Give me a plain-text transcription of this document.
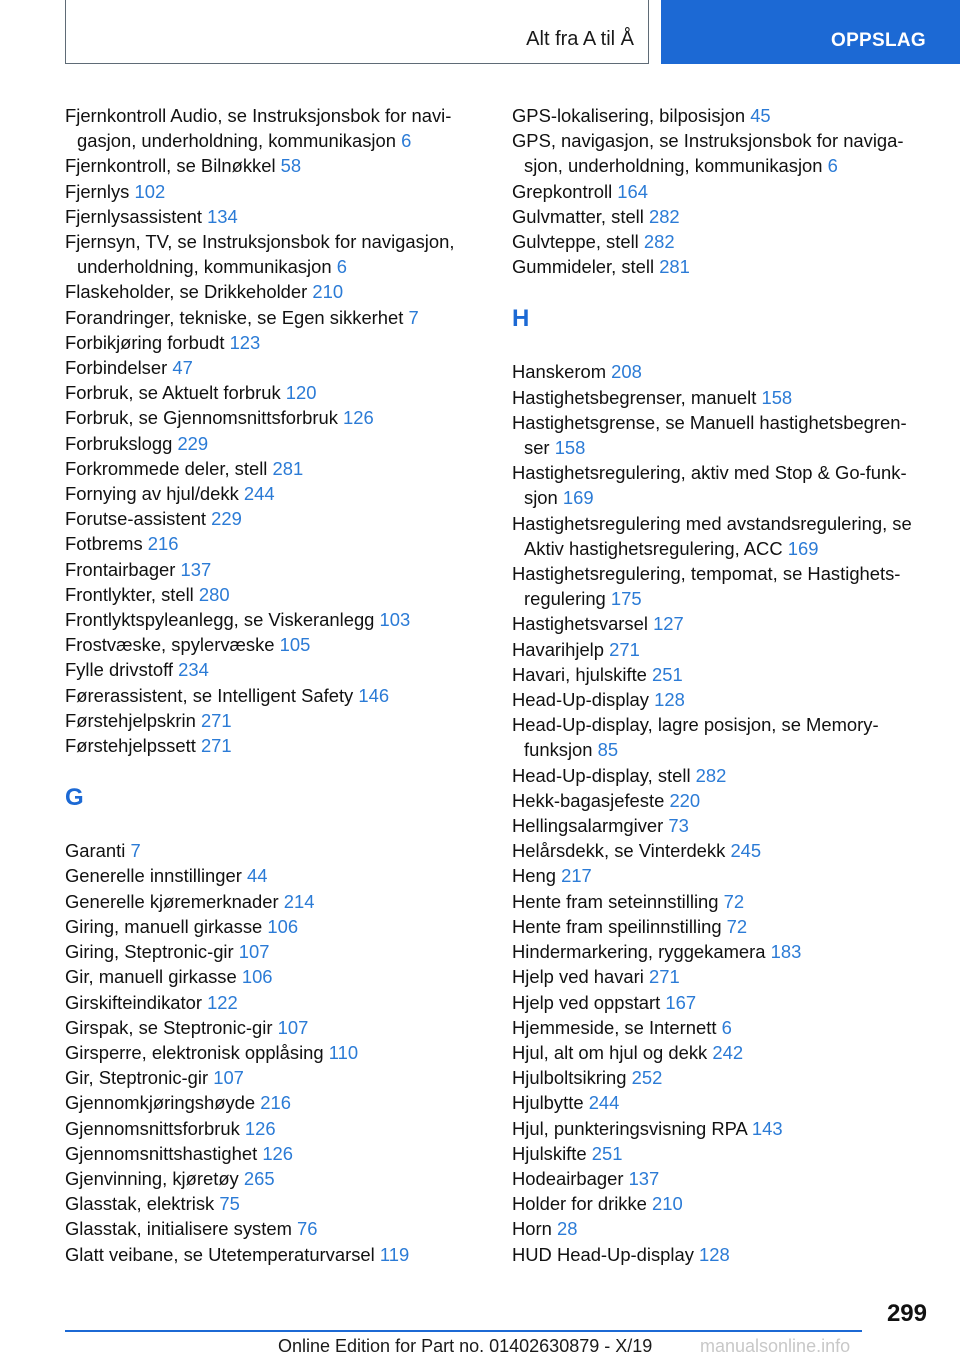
Alt fra A til Å	OPPSLAG
Fjernkontroll Audio, se Instruksjonsbok for navi-
gasjon, underholdning, kommunikasjon 6
Fjernkontroll, se Bilnøkkel 58
Fjernlys 102
Fjernlysassistent 134
Fjernsyn, TV, se Instruksjonsbok for navigasjon,
underholdning, kommunikasjon 6
Flaskeholder, se Drikkeholder 210
Forandringer, tekniske, se Egen sikkerhet 7
Forbikjøring forbudt 123
Forbindelser 47
Forbruk, se Aktuelt forbruk 120
Forbruk, se Gjennomsnittsforbruk 126
Forbrukslogg 229
Forkrommede deler, stell 281
Fornying av hjul/dekk 244
Forutse-assistent 229
Fotbrems 216
Frontairbager 137
Frontlykter, stell 280
Frontlyktspyleanlegg, se Viskeranlegg 103
Frostvæske, spylervæske 105
Fylle drivstoff 234
Førerassistent, se Intelligent Safety 146
Førstehjelpskrin 271
Førstehjelpssett 271
G
Garanti 7
Generelle innstillinger 44
Generelle kjøremerknader 214
Giring, manuell girkasse 106
Giring, Steptronic-gir 107
Gir, manuell girkasse 106
Girskifteindikator 122
Girspak, se Steptronic-gir 107
Girsperre, elektronisk opplåsing 110
Gir, Steptronic-gir 107
Gjennomkjøringshøyde 216
Gjennomsnittsforbruk 126
Gjennomsnittshastighet 126
Gjenvinning, kjøretøy 265
Glasstak, elektrisk 75
Glasstak, initialisere system 76
Glatt veibane, se Utetemperaturvarsel 119
GPS-lokalisering, bilposisjon 45
GPS, navigasjon, se Instruksjonsbok for naviga-
sjon, underholdning, kommunikasjon 6
Grepkontroll 164
Gulvmatter, stell 282
Gulvteppe, stell 282
Gummideler, stell 281
H
Hanskerom 208
Hastighetsbegrenser, manuelt 158
Hastighetsgrense, se Manuell hastighetsbegren-
ser 158
Hastighetsregulering, aktiv med Stop & Go-funk-
sjon 169
Hastighetsregulering med avstandsregulering, se
Aktiv hastighetsregulering, ACC 169
Hastighetsregulering, tempomat, se Hastighets-
regulering 175
Hastighetsvarsel 127
Havarihjelp 271
Havari, hjulskifte 251
Head-Up-display 128
Head-Up-display, lagre posisjon, se Memory-
funksjon 85
Head-Up-display, stell 282
Hekk-bagasjefeste 220
Hellingsalarmgiver 73
Helårsdekk, se Vinterdekk 245
Heng 217
Hente fram seteinnstilling 72
Hente fram speilinnstilling 72
Hindermarkering, ryggekamera 183
Hjelp ved havari 271
Hjelp ved oppstart 167
Hjemmeside, se Internett 6
Hjul, alt om hjul og dekk 242
Hjulboltsikring 252
Hjulbytte 244
Hjul, punkteringsvisning RPA 143
Hjulskifte 251
Hodeairbager 137
Holder for drikke 210
Horn 28
HUD Head-Up-display 128
299
Online Edition for Part no. 01402630879 - X/19	manualsonline.info
